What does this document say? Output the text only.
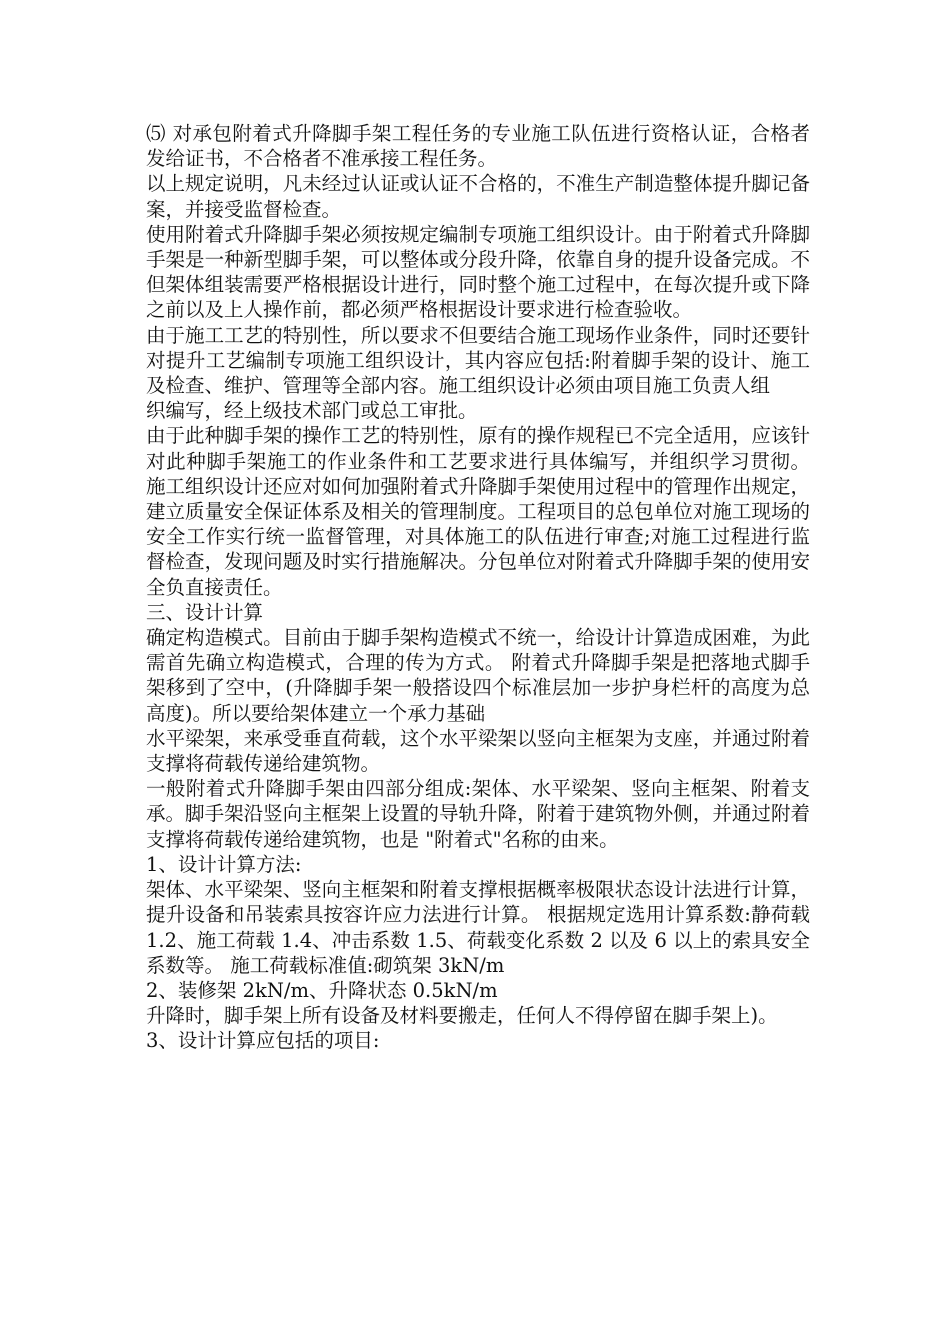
⑸ 对承包附着式升降脚手架工程任务的专业施工队伍进行资格认证，合格者发给证书，不合格者不准承接工程任务。

以上规定说明，凡未经过认证或认证不合格的，不准生产制造整体提升脚记备案，并接受监督检查。

使用附着式升降脚手架必须按规定编制专项施工组织设计。由于附着式升降脚手架是一种新型脚手架，可以整体或分段升降，依靠自身的提升设备完成。不但架体组装需要严格根据设计进行，同时整个施工过程中，在每次提升或下降之前以及上人操作前，都必须严格根据设计要求进行检查验收。

由于施工工艺的特别性，所以要求不但要结合施工现场作业条件，同时还要针对提升工艺编制专项施工组织设计，其内容应包括:附着脚手架的设计、施工及检查、维护、管理等全部内容。施工组织设计必须由项目施工负责人组

织编写，经上级技术部门或总工审批。

由于此种脚手架的操作工艺的特别性，原有的操作规程已不完全适用，应该针对此种脚手架施工的作业条件和工艺要求进行具体编写，并组织学习贯彻。 施工组织设计还应对如何加强附着式升降脚手架使用过程中的管理作出规定，建立质量安全保证体系及相关的管理制度。工程项目的总包单位对施工现场的安全工作实行统一监督管理，对具体施工的队伍进行审查;对施工过程进行监督检查，发现问题及时实行措施解决。分包单位对附着式升降脚手架的使用安全负直接责任。

三、设计计算

确定构造模式。目前由于脚手架构造模式不统一，给设计计算造成困难，为此需首先确立构造模式，合理的传为方式。 附着式升降脚手架是把落地式脚手架移到了空中，(升降脚手架一般搭设四个标准层加一步护身栏杆的高度为总高度)。所以要给架体建立一个承力基础

水平梁架，来承受垂直荷载，这个水平梁架以竖向主框架为支座，并通过附着支撑将荷载传递给建筑物。

一般附着式升降脚手架由四部分组成:架体、水平梁架、竖向主框架、附着支承。脚手架沿竖向主框架上设置的导轨升降，附着于建筑物外侧，并通过附着支撑将荷载传递给建筑物，也是 "附着式"名称的由来。

1、设计计算方法:

架体、水平梁架、竖向主框架和附着支撑根据概率极限状态设计法进行计算，提升设备和吊装索具按容许应力法进行计算。 根据规定选用计算系数:静荷载 1.2、施工荷载 1.4、冲击系数 1.5、荷载变化系数 2 以及 6 以上的索具安全系数等。 施工荷载标准值:砌筑架 3kN/m

2、装修架 2kN/m、升降状态 0.5kN/m

升降时，脚手架上所有设备及材料要搬走，任何人不得停留在脚手架上)。

3、设计计算应包括的项目:
